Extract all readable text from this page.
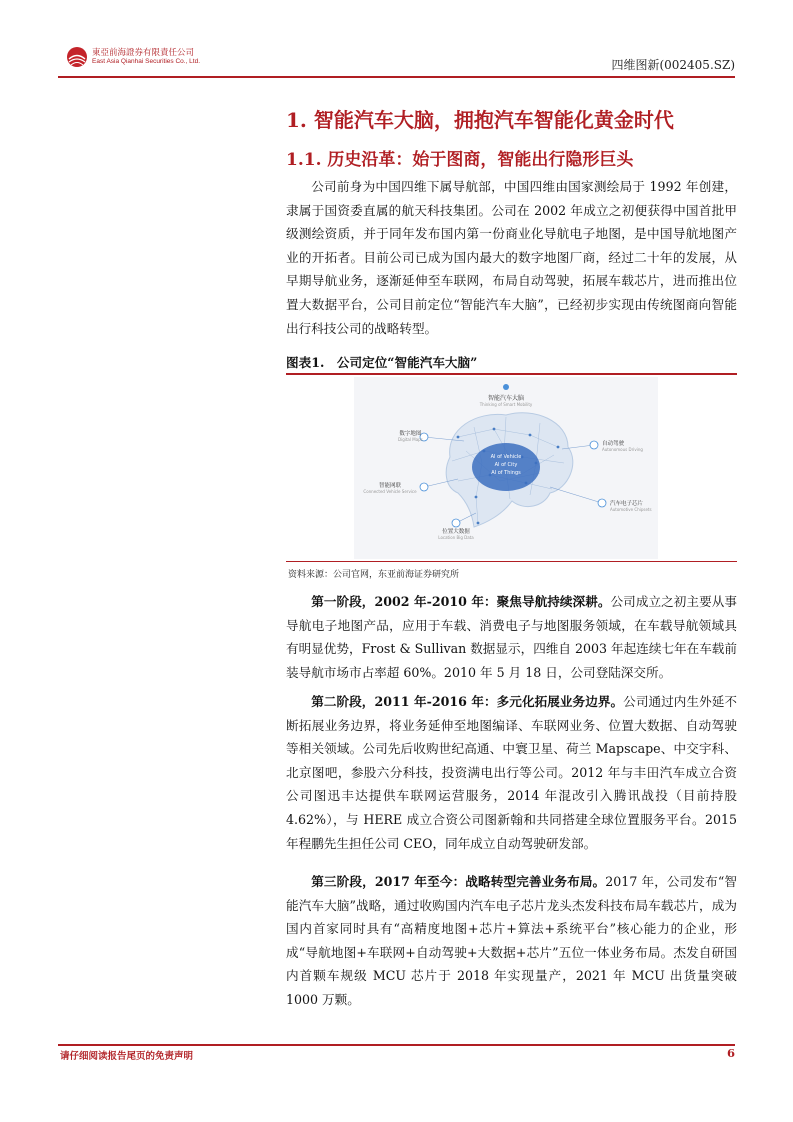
東亞前海證券有限責任公司
East Asia Qianhai Securities Co., Ltd.	四维图新(002405.SZ)
1. 智能汽车大脑，拥抱汽车智能化黄金时代
1.1. 历史沿革：始于图商，智能出行隐形巨头
公司前身为中国四维下属导航部，中国四维由国家测绘局于 1992 年创建，隶属于国资委直属的航天科技集团。公司在 2002 年成立之初便获得中国首批甲级测绘资质，并于同年发布国内第一份商业化导航电子地图，是中国导航地图产业的开拓者。目前公司已成为国内最大的数字地图厂商，经过二十年的发展，从早期导航业务，逐渐延伸至车联网，布局自动驾驶，拓展车载芯片，进而推出位置大数据平台，公司目前定位“智能汽车大脑”，已经初步实现由传统图商向智能出行科技公司的战略转型。
图表1.　公司定位“智能汽车大脑”
智能汽车大脑
Thinking of Smart Mobility
AI of Vehicle
AI of City
AI of Things
数字地图
Digital Maps
自动驾驶
Autonomous Driving
智能网联
Connected Vehicle Service
汽车电子芯片
Automotive Chipsets
位置大数据
Location Big Data
资料来源：公司官网，东亚前海证券研究所
第一阶段，2002 年-2010 年：聚焦导航持续深耕。公司成立之初主要从事导航电子地图产品，应用于车载、消费电子与地图服务领域，在车载导航领域具有明显优势，Frost & Sullivan 数据显示，四维自 2003 年起连续七年在车载前装导航市场市占率超 60%。2010 年 5 月 18 日，公司登陆深交所。
第二阶段，2011 年-2016 年：多元化拓展业务边界。公司通过内生外延不断拓展业务边界，将业务延伸至地图编译、车联网业务、位置大数据、自动驾驶等相关领域。公司先后收购世纪高通、中寰卫星、荷兰 Mapscape、中交宇科、北京图吧，参股六分科技，投资满电出行等公司。2012 年与丰田汽车成立合资公司图迅丰达提供车联网运营服务，2014 年混改引入腾讯战投（目前持股 4.62%），与 HERE 成立合资公司图新翰和共同搭建全球位置服务平台。2015 年程鹏先生担任公司 CEO，同年成立自动驾驶研发部。
第三阶段，2017 年至今：战略转型完善业务布局。2017 年，公司发布“智能汽车大脑”战略，通过收购国内汽车电子芯片龙头杰发科技布局车载芯片，成为国内首家同时具有“高精度地图+芯片+算法+系统平台”核心能力的企业，形成“导航地图+车联网+自动驾驶+大数据+芯片”五位一体业务布局。杰发自研国内首颗车规级 MCU 芯片于 2018 年实现量产，2021 年 MCU 出货量突破 1000 万颗。
请仔细阅读报告尾页的免责声明	6
